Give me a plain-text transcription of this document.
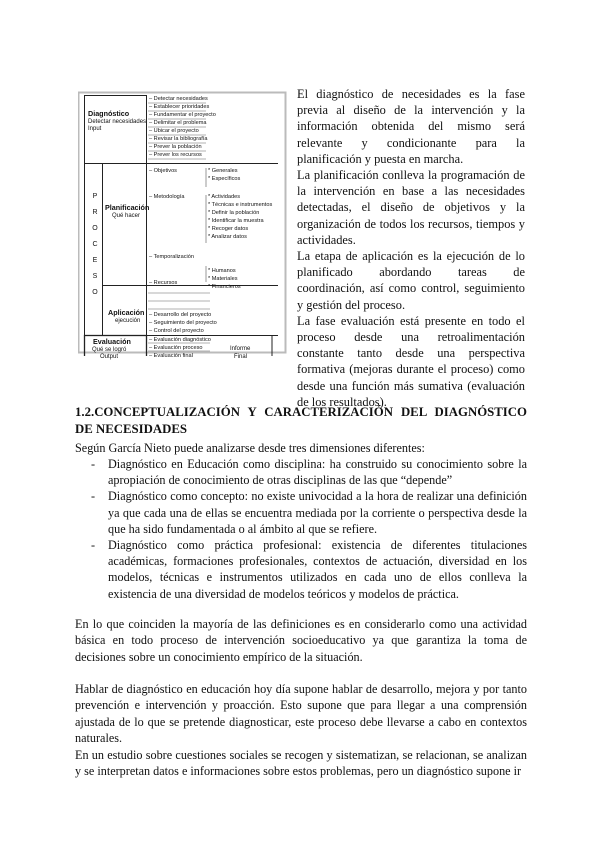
Diagnóstico
Detectar necesidades
Input
– Detectar necesidades
– Establecer prioridades
– Fundamentar el proyecto
– Delimitar el problema
– Ubicar el proyecto
– Revisar la bibliografía
– Prever la población
– Prever los recursos
P
R
O
C
E
S
O
Planificación
Qué hacer
– Objetivos	* Generales
* Específicos
– Metodología	* Actividades
* Técnicas e instrumentos
* Definir la población
* Identificar la muestra
* Recoger datos
* Analizar datos
– Temporalización
– Recursos
* Humanos
* Materiales
* Financieros
Aplicación
ejecución
– Desarrollo del proyecto
– Seguimiento del proyecto
– Control del proyecto
Evaluación
Qué se logró
Output
– Evaluación diagnóstico
– Evaluación proceso
– Evaluación final
Informe
Final

El diagnóstico de necesidades es la fase previa al diseño de la intervención y la información obtenida del mismo será relevante y condicionante para la planificación y puesta en marcha.

La planificación conlleva la programación de la intervención en base a las necesidades detectadas, el diseño de objetivos y la organización de todos los recursos, tiempos y actividades.

La etapa de aplicación es la ejecución de lo planificado abordando tareas de coordinación, así como control, seguimiento y gestión del proceso.

La fase evaluación está presente en todo el proceso desde una retroalimentación constante tanto desde una perspectiva formativa (mejoras durante el proceso) como desde una función más sumativa (evaluación de los resultados).

1.2.CONCEPTUALIZACIÓN Y CARACTERIZACIÓN DEL DIAGNÓSTICO DE NECESIDADES
Según García Nieto puede analizarse desde tres dimensiones diferentes:
- Diagnóstico en Educación como disciplina: ha construido su conocimiento sobre la apropiación de conocimiento de otras disciplinas de las que “depende”
- Diagnóstico como concepto: no existe univocidad a la hora de realizar una definición ya que cada una de ellas se encuentra mediada por la corriente o perspectiva desde la que ha sido fundamentada o al ámbito al que se refiere.
- Diagnóstico como práctica profesional: existencia de diferentes titulaciones académicas, formaciones profesionales, contextos de actuación, diversidad en los modelos, técnicas e instrumentos utilizados en cada uno de ellos conlleva la existencia de una diversidad de modelos teóricos y modelos de práctica.
En lo que coinciden la mayoría de las definiciones es en considerarlo como una actividad básica en todo proceso de intervención socioeducativo ya que garantiza la toma de decisiones sobre un conocimiento empírico de la situación.
Hablar de diagnóstico en educación hoy día supone hablar de desarrollo, mejora y por tanto prevención e intervención y proacción. Esto supone que para llegar a una comprensión ajustada de lo que se pretende diagnosticar, este proceso debe llevarse a cabo en contextos naturales.
En un estudio sobre cuestiones sociales se recogen y sistematizan, se relacionan, se analizan y se interpretan datos e informaciones sobre estos problemas, pero un diagnóstico supone ir
